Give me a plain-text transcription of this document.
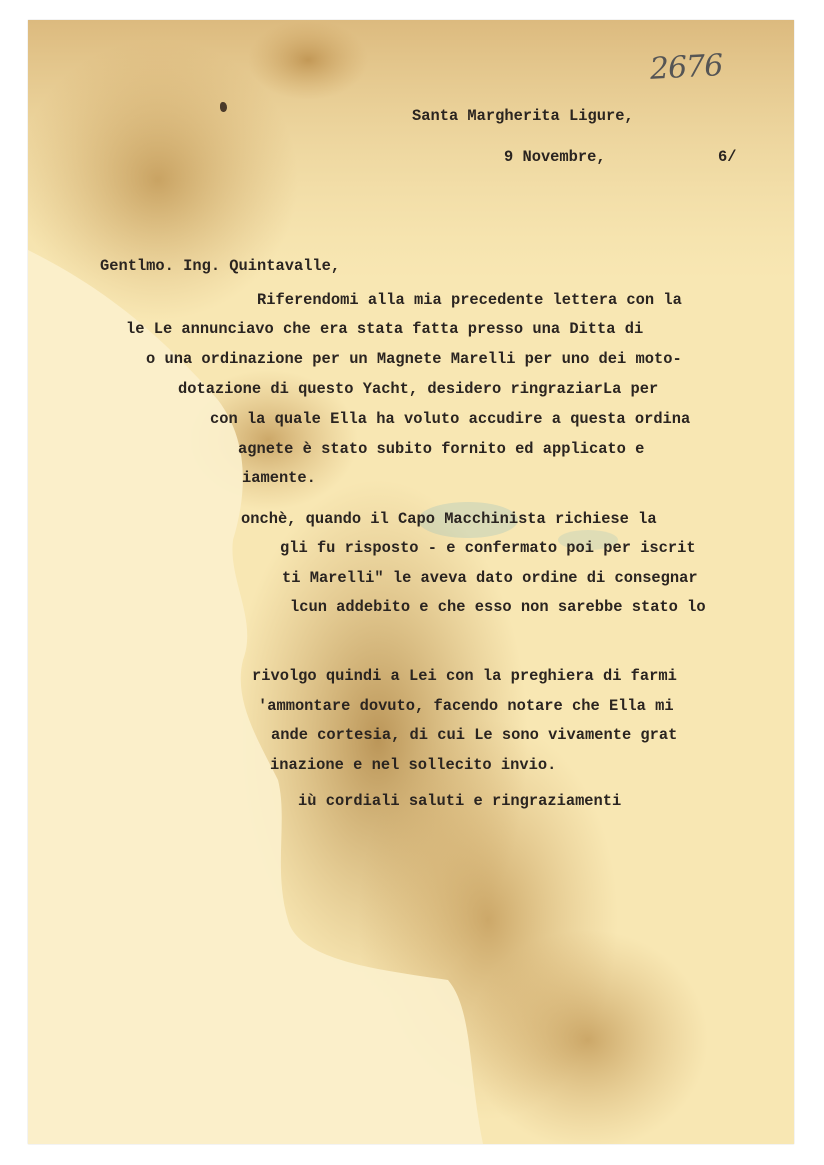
2676
Santa Margherita Ligure,
9 Novembre,	6/
Gentlmo. Ing. Quintavalle,
Riferendomi alla mia precedente lettera con la
le Le annunciavo che era stata fatta presso una Ditta di
o una ordinazione per un Magnete Marelli per uno dei moto-
dotazione di questo Yacht, desidero ringraziarLa per
con la quale Ella ha voluto accudire a questa ordina
agnete è stato subito fornito ed applicato e
iamente.
onchè, quando il Capo Macchinista richiese la
gli fu risposto - e confermato poi per iscrit
ti Marelli" le aveva dato ordine di consegnar
lcun addebito e che esso non sarebbe stato lo
rivolgo quindi a Lei con la preghiera di farmi
'ammontare dovuto, facendo notare che Ella mi
ande cortesia, di cui Le sono vivamente grat
inazione e nel sollecito invio.
iù cordiali saluti e ringraziamenti
